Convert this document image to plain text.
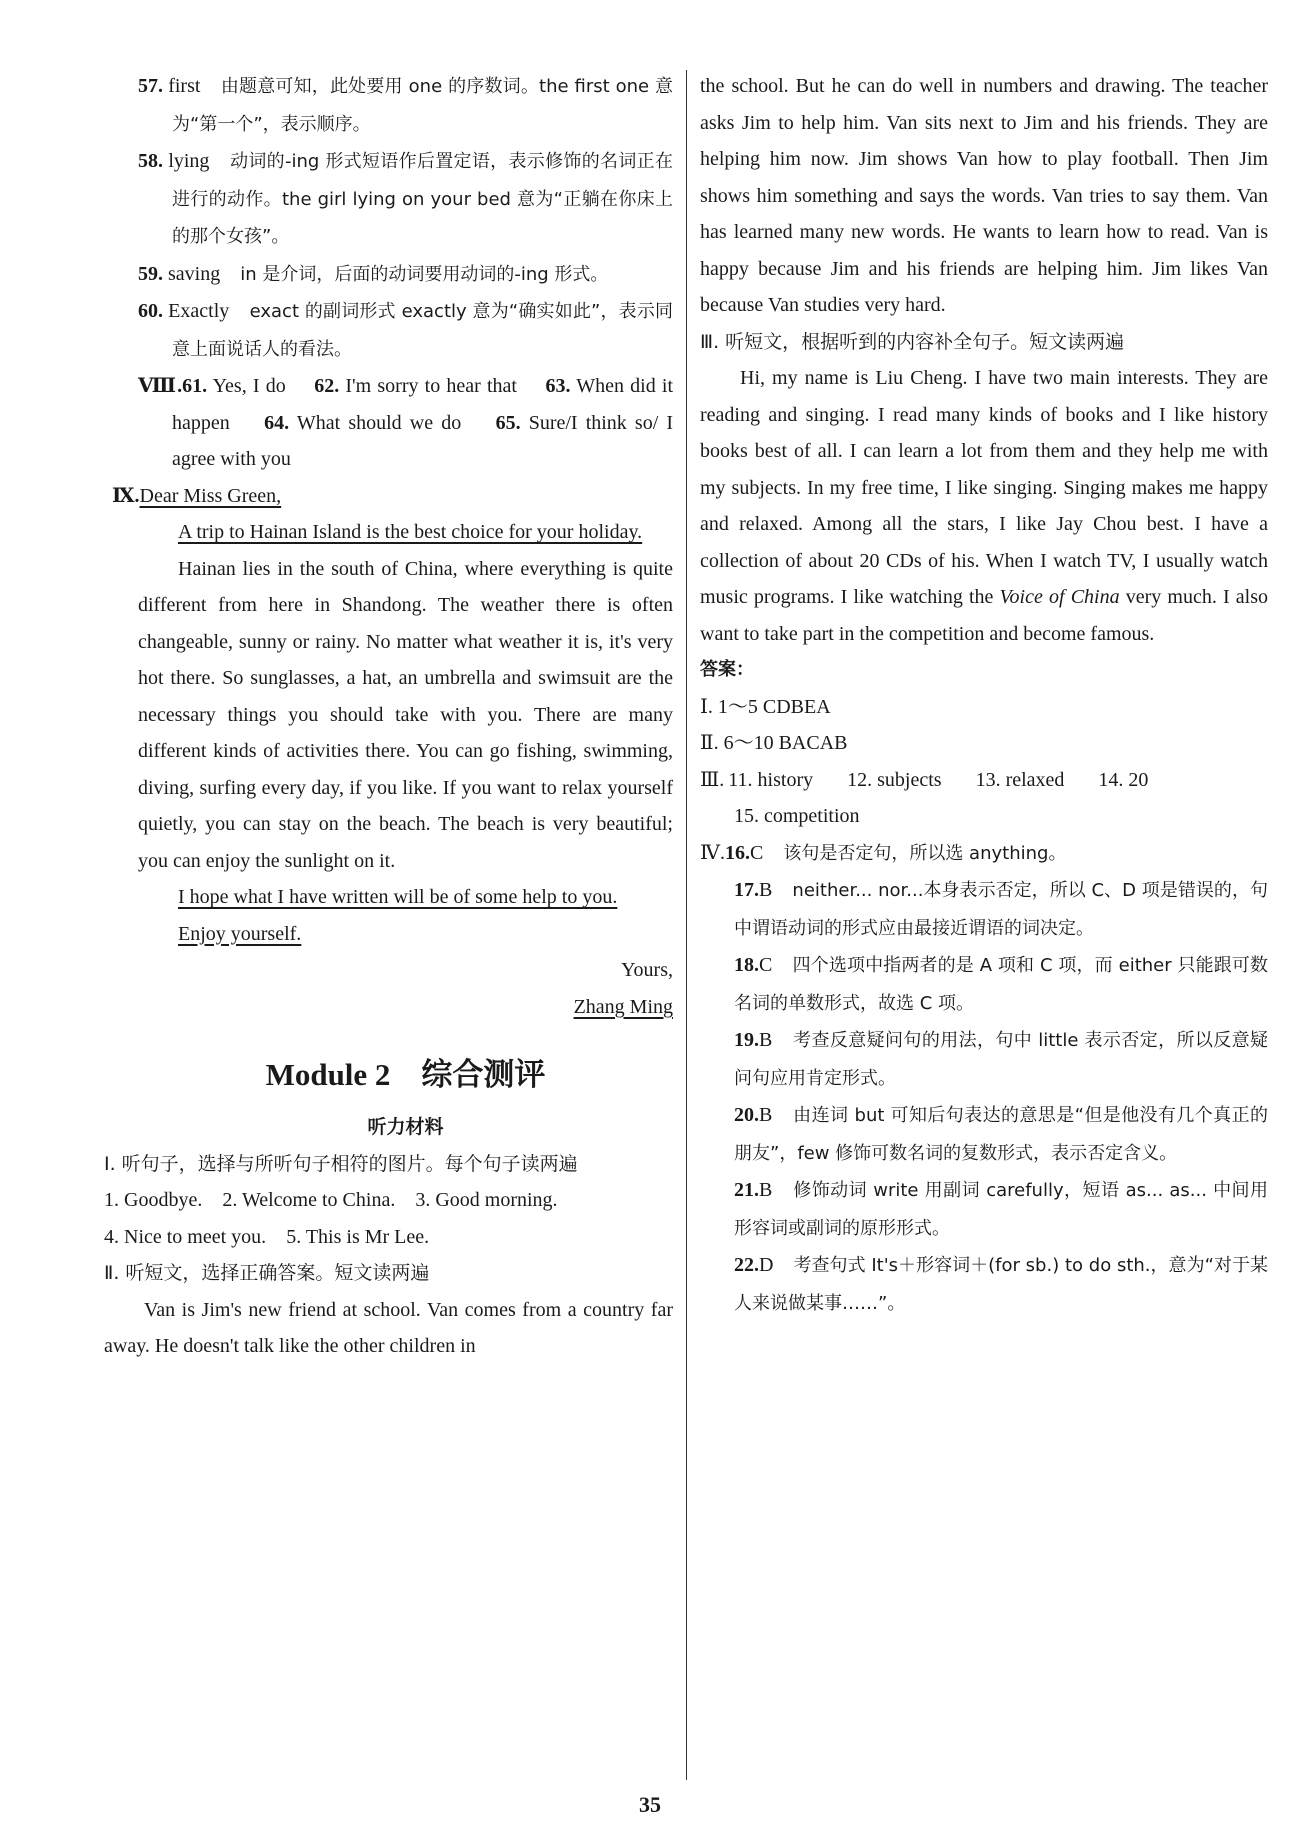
57. first　 由题意可知，此处要用 one 的序数词。the first one 意为“第一个”，表示顺序。

58. lying　 动词的-ing 形式短语作后置定语，表示修饰的名词正在进行的动作。the girl lying on your bed 意为“正躺在你床上的那个女孩”。

59. saving　 in 是介词，后面的动词要用动词的-ing 形式。

60. Exactly　 exact 的副词形式 exactly 意为“确实如此”，表示同意上面说话人的看法。

Ⅷ.61. Yes, I do　 62. I'm sorry to hear that　 63. When did it happen　 64. What should we do　 65. Sure/I think so/ I agree with you

Ⅸ.Dear Miss Green,

A trip to Hainan Island is the best choice for your holiday.

Hainan lies in the south of China, where everything is quite different from here in Shandong. The weather there is often changeable, sunny or rainy. No matter what weather it is, it's very hot there. So sunglasses, a hat, an umbrella and swimsuit are the necessary things you should take with you. There are many different kinds of activities there. You can go fishing, swimming, diving, surfing every day, if you like. If you want to relax yourself quietly, you can stay on the beach. The beach is very beautiful; you can enjoy the sunlight on it.

I hope what I have written will be of some help to you.

Enjoy yourself.

Yours,

Zhang Ming

Module 2　综合测评

听力材料

Ⅰ. 听句子，选择与所听句子相符的图片。每个句子读两遍

1. Goodbye.　 2. Welcome to China.　 3. Good morning.

4. Nice to meet you.　 5. This is Mr Lee.

Ⅱ. 听短文，选择正确答案。短文读两遍

Van is Jim's new friend at school. Van comes from a country far away. He doesn't talk like the other children in

the school. But he can do well in numbers and drawing. The teacher asks Jim to help him. Van sits next to Jim and his friends. They are helping him now. Jim shows Van how to play football. Then Jim shows him something and says the words. Van tries to say them. Van has learned many new words. He wants to learn how to read. Van is happy because Jim and his friends are helping him. Jim likes Van because Van studies very hard.

Ⅲ. 听短文，根据听到的内容补全句子。短文读两遍

Hi, my name is Liu Cheng. I have two main interests. They are reading and singing. I read many kinds of books and I like history books best of all. I can learn a lot from them and they help me with my subjects. In my free time, I like singing. Singing makes me happy and relaxed. Among all the stars, I like Jay Chou best. I have a collection of about 20 CDs of his. When I watch TV, I usually watch music programs. I like watching the Voice of China very much. I also want to take part in the competition and become famous.

答案：

Ⅰ. 1～5 CDBEA

Ⅱ. 6～10 BACAB

Ⅲ. 11. history 12. subjects 13. relaxed 14. 20

15. competition

Ⅳ.16.C　 该句是否定句，所以选 anything。

17.B　 neither... nor...本身表示否定，所以 C、D 项是错误的，句中谓语动词的形式应由最接近谓语的词决定。

18.C　 四个选项中指两者的是 A 项和 C 项，而 either 只能跟可数名词的单数形式，故选 C 项。

19.B　 考查反意疑问句的用法，句中 little 表示否定，所以反意疑问句应用肯定形式。

20.B　 由连词 but 可知后句表达的意思是“但是他没有几个真正的朋友”，few 修饰可数名词的复数形式，表示否定含义。

21.B　 修饰动词 write 用副词 carefully，短语 as... as... 中间用形容词或副词的原形形式。

22.D　 考查句式 It's＋形容词＋(for sb.) to do sth.，意为“对于某人来说做某事……”。

35
